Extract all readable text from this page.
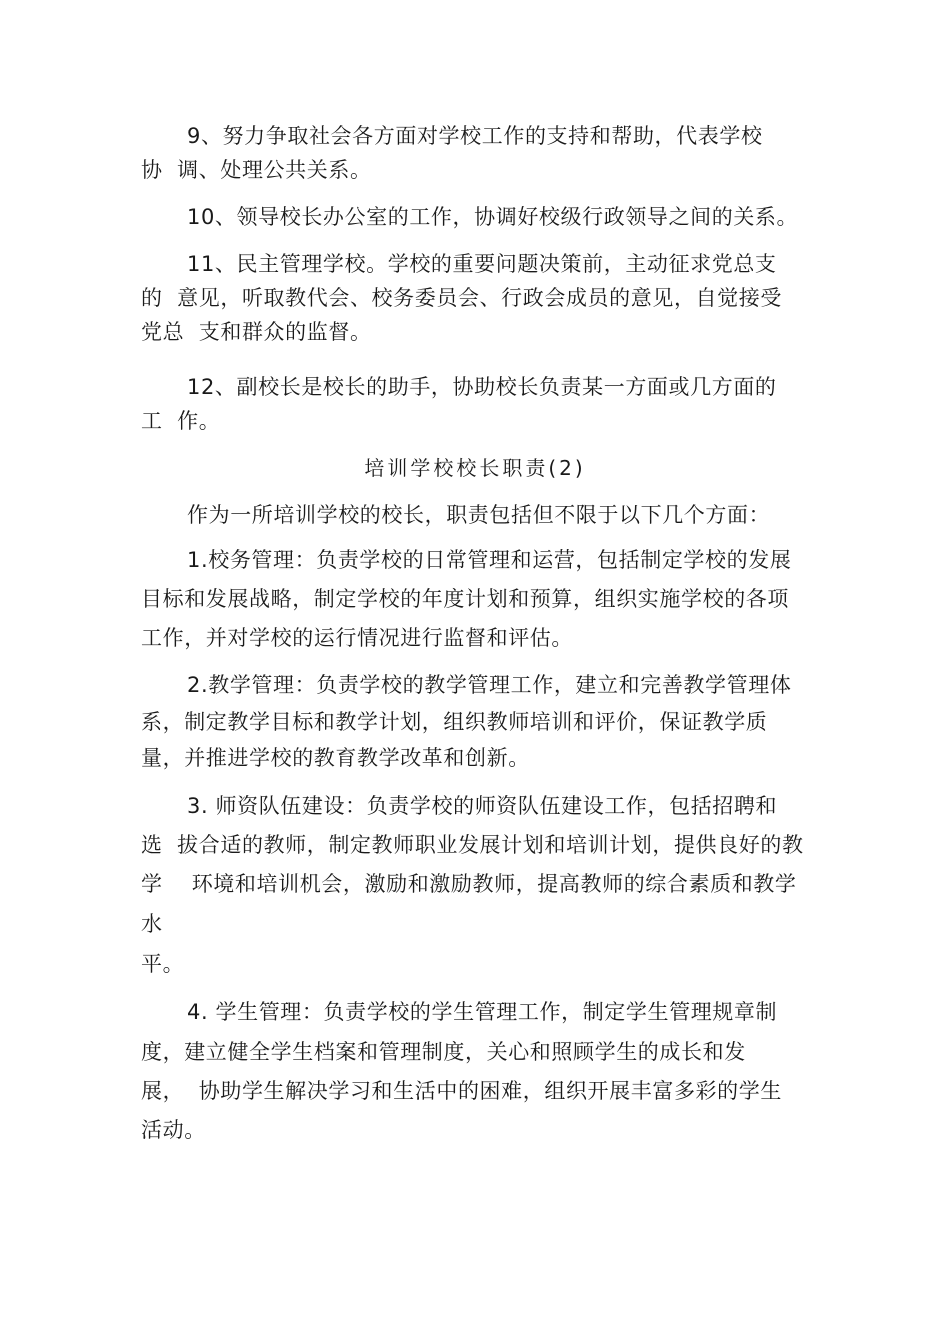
9、努力争取社会各方面对学校工作的支持和帮助，代表学校
协  调、处理公共关系。
10、领导校长办公室的工作，协调好校级行政领导之间的关系。
11、民主管理学校。学校的重要问题决策前，主动征求党总支
的  意见，听取教代会、校务委员会、行政会成员的意见，自觉接受
党总  支和群众的监督。
12、副校长是校长的助手，协助校长负责某一方面或几方面的
工  作。
培训学校校长职责(2)
作为一所培训学校的校长，职责包括但不限于以下几个方面：
1.校务管理：负责学校的日常管理和运营，包括制定学校的发展
目标和发展战略，制定学校的年度计划和预算，组织实施学校的各项
工作，并对学校的运行情况进行监督和评估。
2.教学管理：负责学校的教学管理工作，建立和完善教学管理体
系，制定教学目标和教学计划，组织教师培训和评价，保证教学质
量，并推进学校的教育教学改革和创新。
3. 师资队伍建设：负责学校的师资队伍建设工作，包括招聘和
选  拔合适的教师，制定教师职业发展计划和培训计划，提供良好的教
学    环境和培训机会，激励和激励教师，提高教师的综合素质和教学
水
平。
4. 学生管理：负责学校的学生管理工作，制定学生管理规章制
度，建立健全学生档案和管理制度，关心和照顾学生的成长和发
展，  协助学生解决学习和生活中的困难，组织开展丰富多彩的学生
活动。
